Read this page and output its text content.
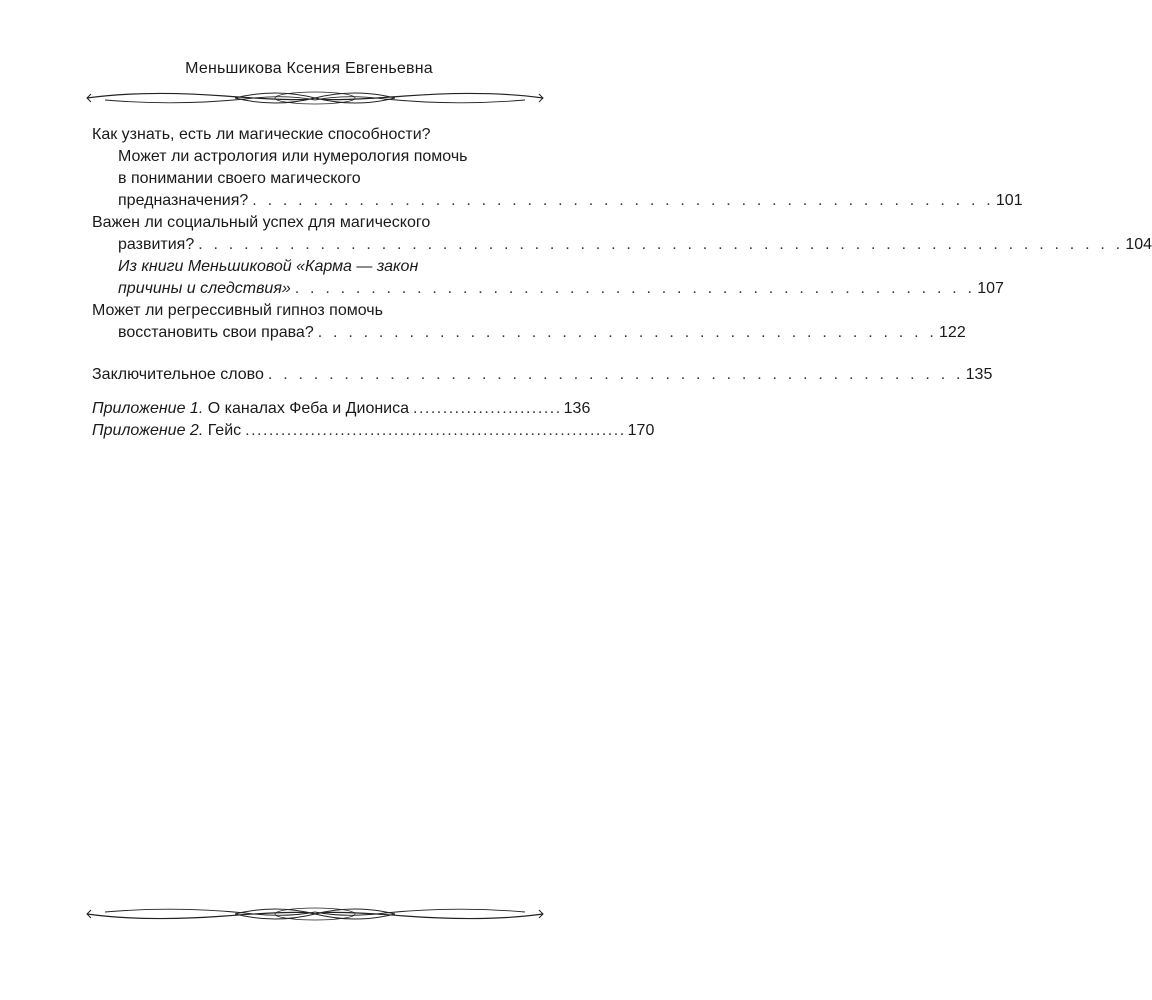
Меньшикова Ксения Евгеньевна
Как узнать, есть ли магические способности?
Может ли астрология или нумерология помочь
в понимании своего магического
предназначения? . . . . . . . . . . . . . . . . . . . . . . . . . . . . . . . . . . . . . . . . . . . . . . . . . 101
Важен ли социальный успех для магического
развития? . . . . . . . . . . . . . . . . . . . . . . . . . . . . . . . . . . . . . . . . . . . . . . . . . . . . . . . . . . . . . 104
Из книги Меньшиковой «Карма — закон
причины и следствия» . . . . . . . . . . . . . . . . . . . . . . . . . . . . . . . . . . . . . . . . . . . . . 107
Может ли регрессивный гипноз помочь
восстановить свои права? . . . . . . . . . . . . . . . . . . . . . . . . . . . . . . . . . . . . . . . . . 122
Заключительное слово . . . . . . . . . . . . . . . . . . . . . . . . . . . . . . . . . . . . . . . . . . . . . . 135
Приложение 1. О каналах Феба и Диониса ......................... 136
Приложение 2. Гейс ................................................................ 170
